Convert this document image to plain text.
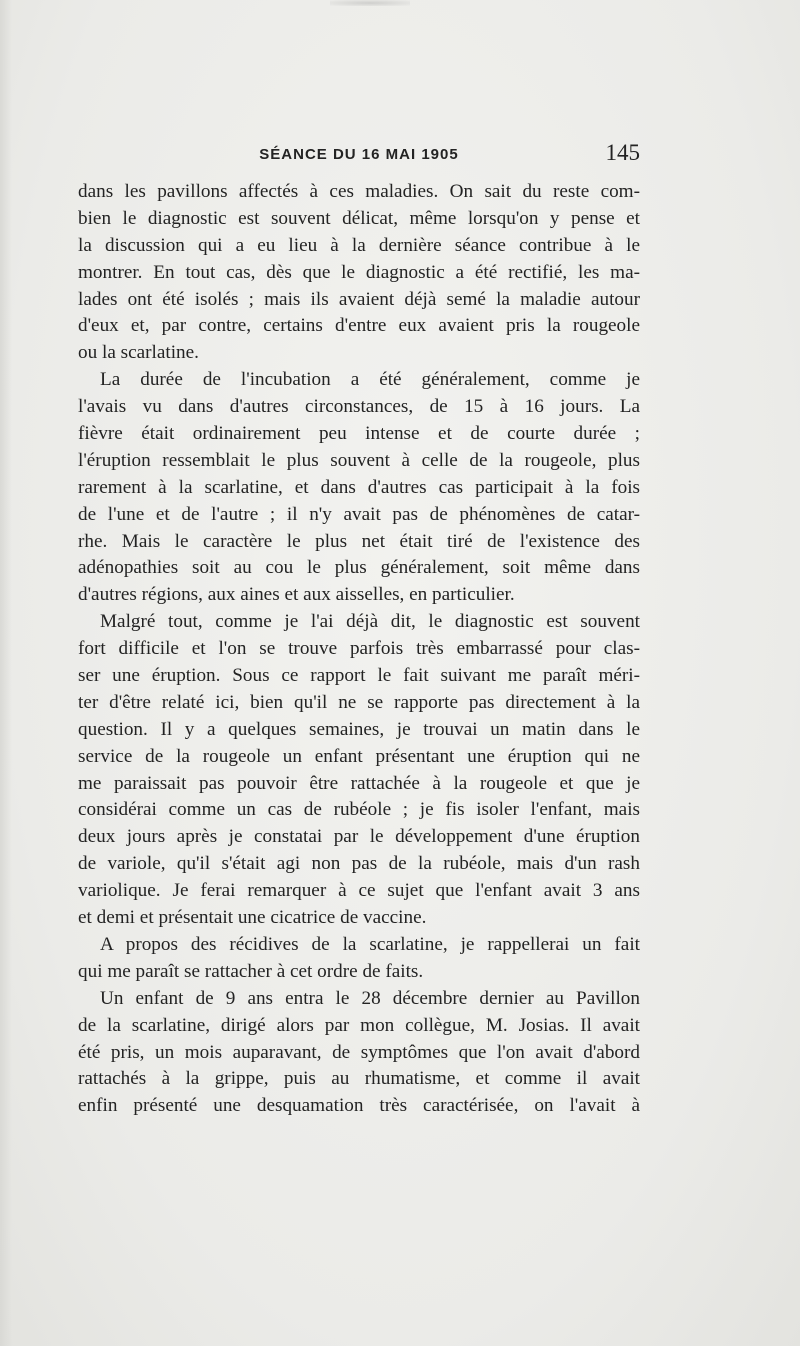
SÉANCE DU 16 MAI 1905	145
dans les pavillons affectés à ces maladies. On sait du reste com-
bien le diagnostic est souvent délicat, même lorsqu'on y pense et
la discussion qui a eu lieu à la dernière séance contribue à le
montrer. En tout cas, dès que le diagnostic a été rectifié, les ma-
lades ont été isolés ; mais ils avaient déjà semé la maladie autour
d'eux et, par contre, certains d'entre eux avaient pris la rougeole
ou la scarlatine.
La durée de l'incubation a été généralement, comme je
l'avais vu dans d'autres circonstances, de 15 à 16 jours. La
fièvre était ordinairement peu intense et de courte durée ;
l'éruption ressemblait le plus souvent à celle de la rougeole, plus
rarement à la scarlatine, et dans d'autres cas participait à la fois
de l'une et de l'autre ; il n'y avait pas de phénomènes de catar-
rhe. Mais le caractère le plus net était tiré de l'existence des
adénopathies soit au cou le plus généralement, soit même dans
d'autres régions, aux aines et aux aisselles, en particulier.
Malgré tout, comme je l'ai déjà dit, le diagnostic est souvent
fort difficile et l'on se trouve parfois très embarrassé pour clas-
ser une éruption. Sous ce rapport le fait suivant me paraît méri-
ter d'être relaté ici, bien qu'il ne se rapporte pas directement à la
question. Il y a quelques semaines, je trouvai un matin dans le
service de la rougeole un enfant présentant une éruption qui ne
me paraissait pas pouvoir être rattachée à la rougeole et que je
considérai comme un cas de rubéole ; je fis isoler l'enfant, mais
deux jours après je constatai par le développement d'une éruption
de variole, qu'il s'était agi non pas de la rubéole, mais d'un rash
variolique. Je ferai remarquer à ce sujet que l'enfant avait 3 ans
et demi et présentait une cicatrice de vaccine.
A propos des récidives de la scarlatine, je rappellerai un fait
qui me paraît se rattacher à cet ordre de faits.
Un enfant de 9 ans entra le 28 décembre dernier au Pavillon
de la scarlatine, dirigé alors par mon collègue, M. Josias. Il avait
été pris, un mois auparavant, de symptômes que l'on avait d'abord
rattachés à la grippe, puis au rhumatisme, et comme il avait
enfin présenté une desquamation très caractérisée, on l'avait à
